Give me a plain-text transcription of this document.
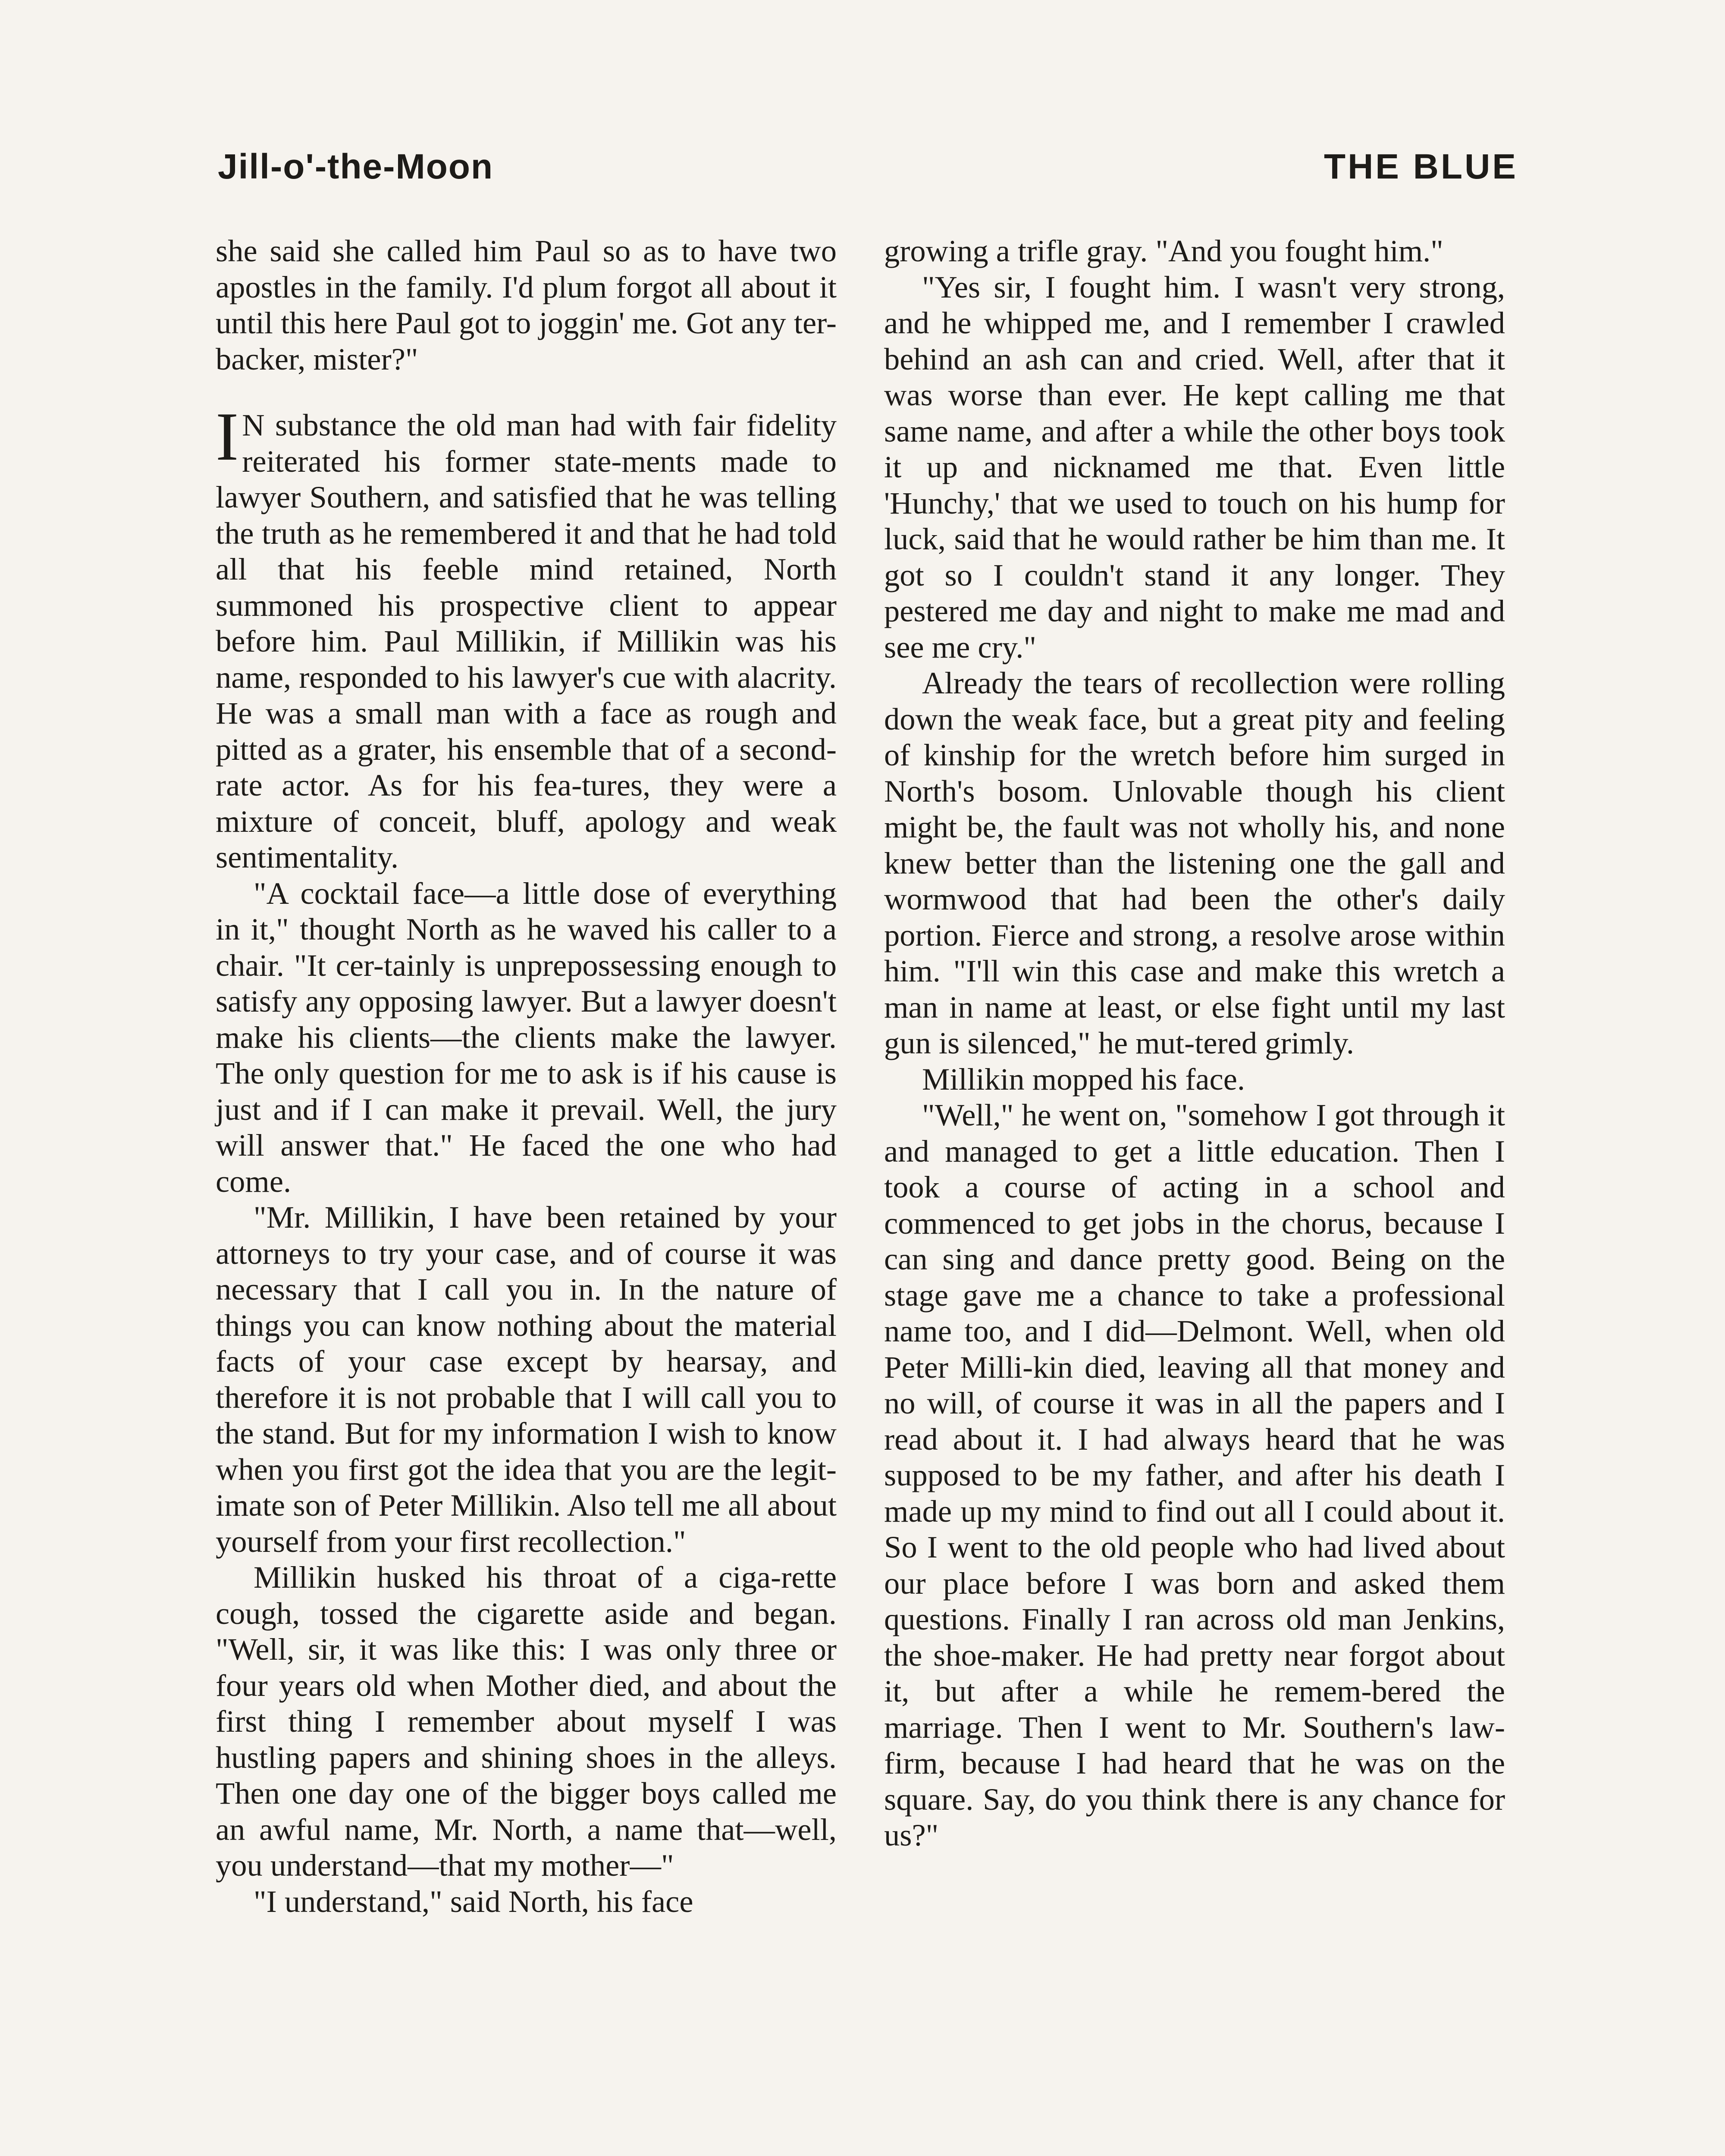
Jill-o'-the-Moon	THE BLUE

she said she called him Paul so as to have two apostles in the family. I'd plum forgot all about it until this here Paul got to joggin' me. Got any ter-backer, mister?"

I N substance the old man had with fair fidelity reiterated his former state-ments made to lawyer Southern, and satisfied that he was telling the truth as he remembered it and that he had told all that his feeble mind retained, North summoned his prospective client to appear before him. Paul Millikin, if Millikin was his name, responded to his lawyer's cue with alacrity. He was a small man with a face as rough and pitted as a grater, his ensemble that of a second-rate actor. As for his fea-tures, they were a mixture of conceit, bluff, apology and weak sentimentality.

"A cocktail face—a little dose of everything in it," thought North as he waved his caller to a chair. "It cer-tainly is unprepossessing enough to satisfy any opposing lawyer. But a lawyer doesn't make his clients—the clients make the lawyer. The only question for me to ask is if his cause is just and if I can make it prevail. Well, the jury will answer that." He faced the one who had come.

"Mr. Millikin, I have been retained by your attorneys to try your case, and of course it was necessary that I call you in. In the nature of things you can know nothing about the material facts of your case except by hearsay, and therefore it is not probable that I will call you to the stand. But for my information I wish to know when you first got the idea that you are the legit-imate son of Peter Millikin. Also tell me all about yourself from your first recollection."

Millikin husked his throat of a ciga-rette cough, tossed the cigarette aside and began. "Well, sir, it was like this: I was only three or four years old when Mother died, and about the first thing I remember about myself I was hustling papers and shining shoes in the alleys. Then one day one of the bigger boys called me an awful name, Mr. North, a name that—well, you understand—that my mother—"

"I understand," said North, his face

growing a trifle gray. "And you fought him."

"Yes sir, I fought him. I wasn't very strong, and he whipped me, and I remember I crawled behind an ash can and cried. Well, after that it was worse than ever. He kept calling me that same name, and after a while the other boys took it up and nicknamed me that. Even little 'Hunchy,' that we used to touch on his hump for luck, said that he would rather be him than me. It got so I couldn't stand it any longer. They pestered me day and night to make me mad and see me cry."

Already the tears of recollection were rolling down the weak face, but a great pity and feeling of kinship for the wretch before him surged in North's bosom. Unlovable though his client might be, the fault was not wholly his, and none knew better than the listening one the gall and wormwood that had been the other's daily portion. Fierce and strong, a resolve arose within him. "I'll win this case and make this wretch a man in name at least, or else fight until my last gun is silenced," he mut-tered grimly.

Millikin mopped his face.

"Well," he went on, "somehow I got through it and managed to get a little education. Then I took a course of acting in a school and commenced to get jobs in the chorus, because I can sing and dance pretty good. Being on the stage gave me a chance to take a professional name too, and I did—Delmont. Well, when old Peter Milli-kin died, leaving all that money and no will, of course it was in all the papers and I read about it. I had always heard that he was supposed to be my father, and after his death I made up my mind to find out all I could about it. So I went to the old people who had lived about our place before I was born and asked them questions. Finally I ran across old man Jenkins, the shoe-maker. He had pretty near forgot about it, but after a while he remem-bered the marriage. Then I went to Mr. Southern's law-firm, because I had heard that he was on the square. Say, do you think there is any chance for us?"
